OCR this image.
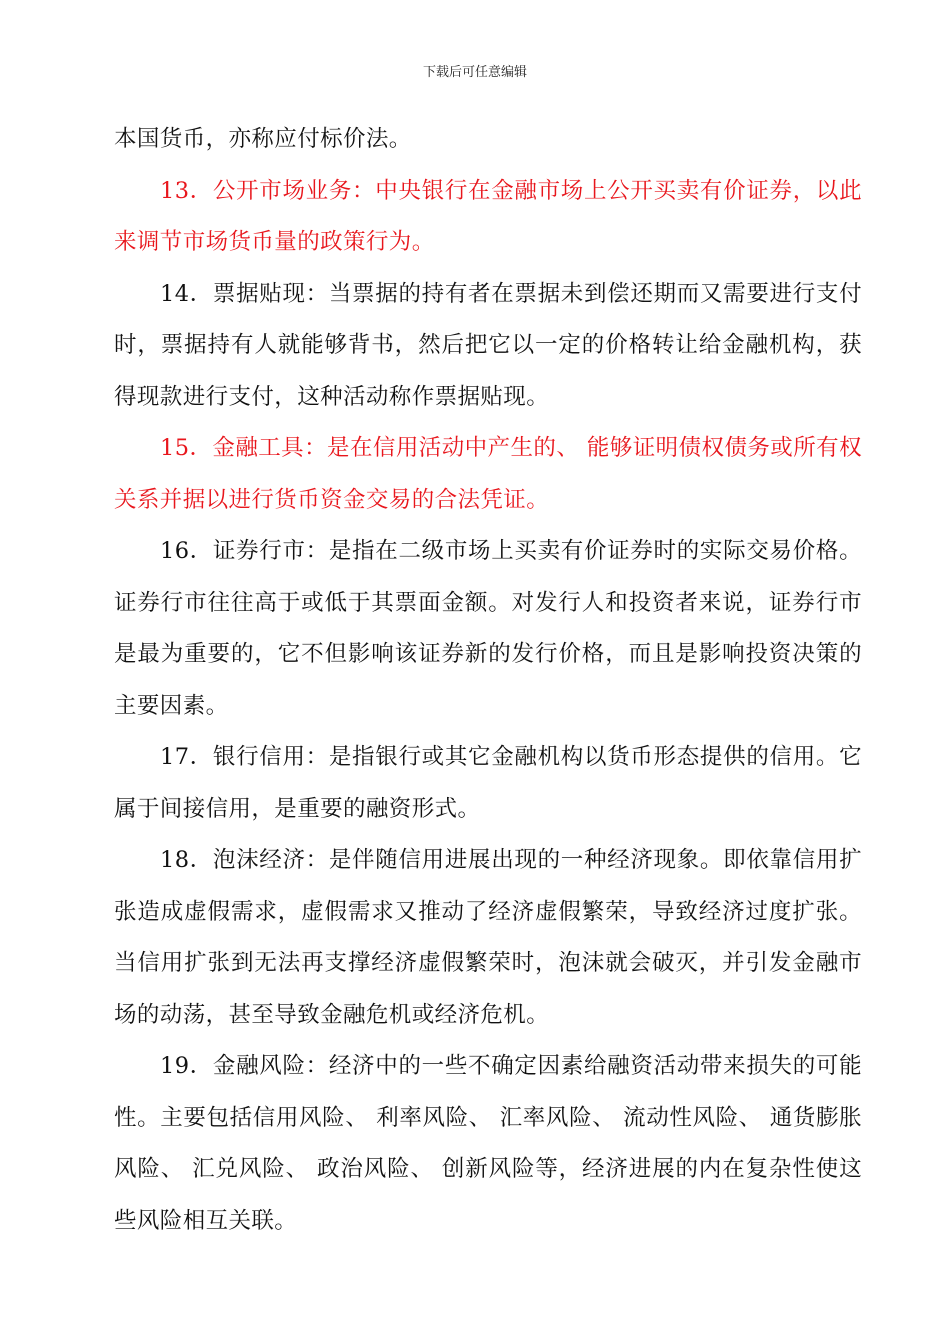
下载后可任意编辑

本国货币，亦称应付标价法。

13．公开市场业务：中央银行在金融市场上公开买卖有价证券，以此来调节市场货币量的政策行为。

14．票据贴现：当票据的持有者在票据未到偿还期而又需要进行支付时，票据持有人就能够背书，然后把它以一定的价格转让给金融机构，获得现款进行支付，这种活动称作票据贴现。

15．金融工具：是在信用活动中产生的、 能够证明债权债务或所有权关系并据以进行货币资金交易的合法凭证。

16．证券行市：是指在二级市场上买卖有价证券时的实际交易价格。证券行市往往高于或低于其票面金额。对发行人和投资者来说，证券行市是最为重要的，它不但影响该证券新的发行价格，而且是影响投资决策的主要因素。

17．银行信用：是指银行或其它金融机构以货币形态提供的信用。它属于间接信用，是重要的融资形式。

18．泡沫经济：是伴随信用进展出现的一种经济现象。即依靠信用扩张造成虚假需求，虚假需求又推动了经济虚假繁荣，导致经济过度扩张。当信用扩张到无法再支撑经济虚假繁荣时，泡沫就会破灭，并引发金融市场的动荡，甚至导致金融危机或经济危机。

19．金融风险：经济中的一些不确定因素给融资活动带来损失的可能性。主要包括信用风险、 利率风险、 汇率风险、 流动性风险、 通货膨胀风险、 汇兑风险、 政治风险、 创新风险等，经济进展的内在复杂性使这些风险相互关联。
